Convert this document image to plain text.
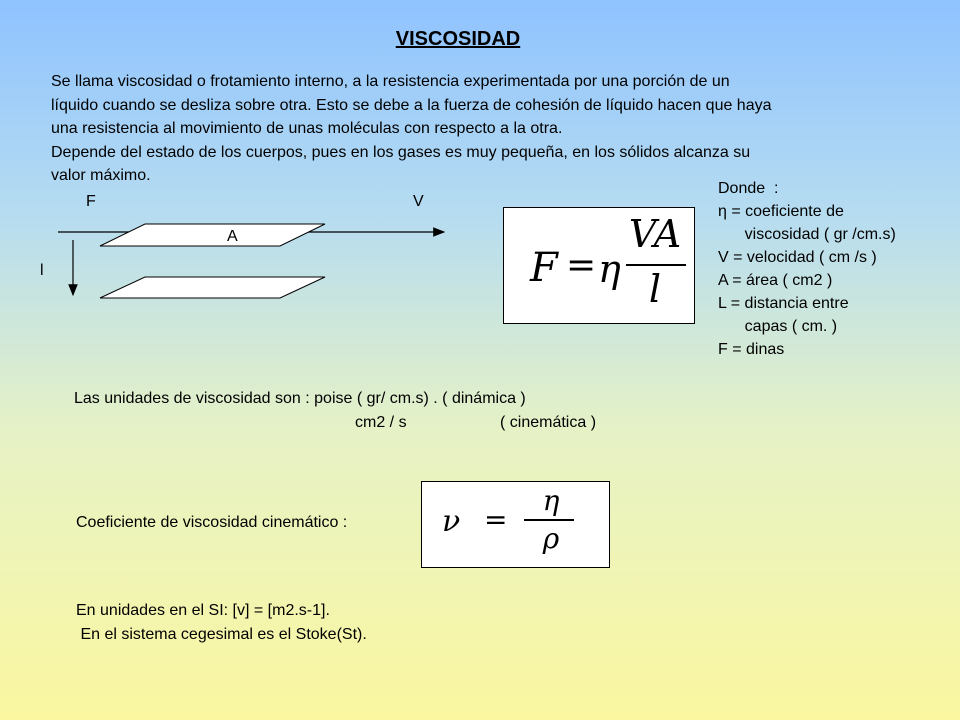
VISCOSIDAD
Se llama viscosidad o frotamiento interno, a la resistencia experimentada por una porción de un
líquido cuando se desliza sobre otra. Esto se debe a la fuerza de cohesión de líquido hacen que haya
una resistencia al movimiento de unas moléculas con respecto a la otra.
Depende del estado de los cuerpos, pues en los gases es muy pequeña, en los sólidos alcanza su
valor máximo.
F	V
A
l	F = η
VA
l
Donde  :
η = coeficiente de
viscosidad ( gr /cm.s)
V = velocidad ( cm /s )
A = área ( cm2 )
L = distancia entre
capas ( cm. )
F = dinas
Las unidades de viscosidad son : poise ( gr/ cm.s) . ( dinámica )
cm2 / s	( cinemática )
Coeficiente de viscosidad cinemático :	ν =
η
ρ
En unidades en el SI: [v] = [m2.s-1].
En el sistema cegesimal es el Stoke(St).
